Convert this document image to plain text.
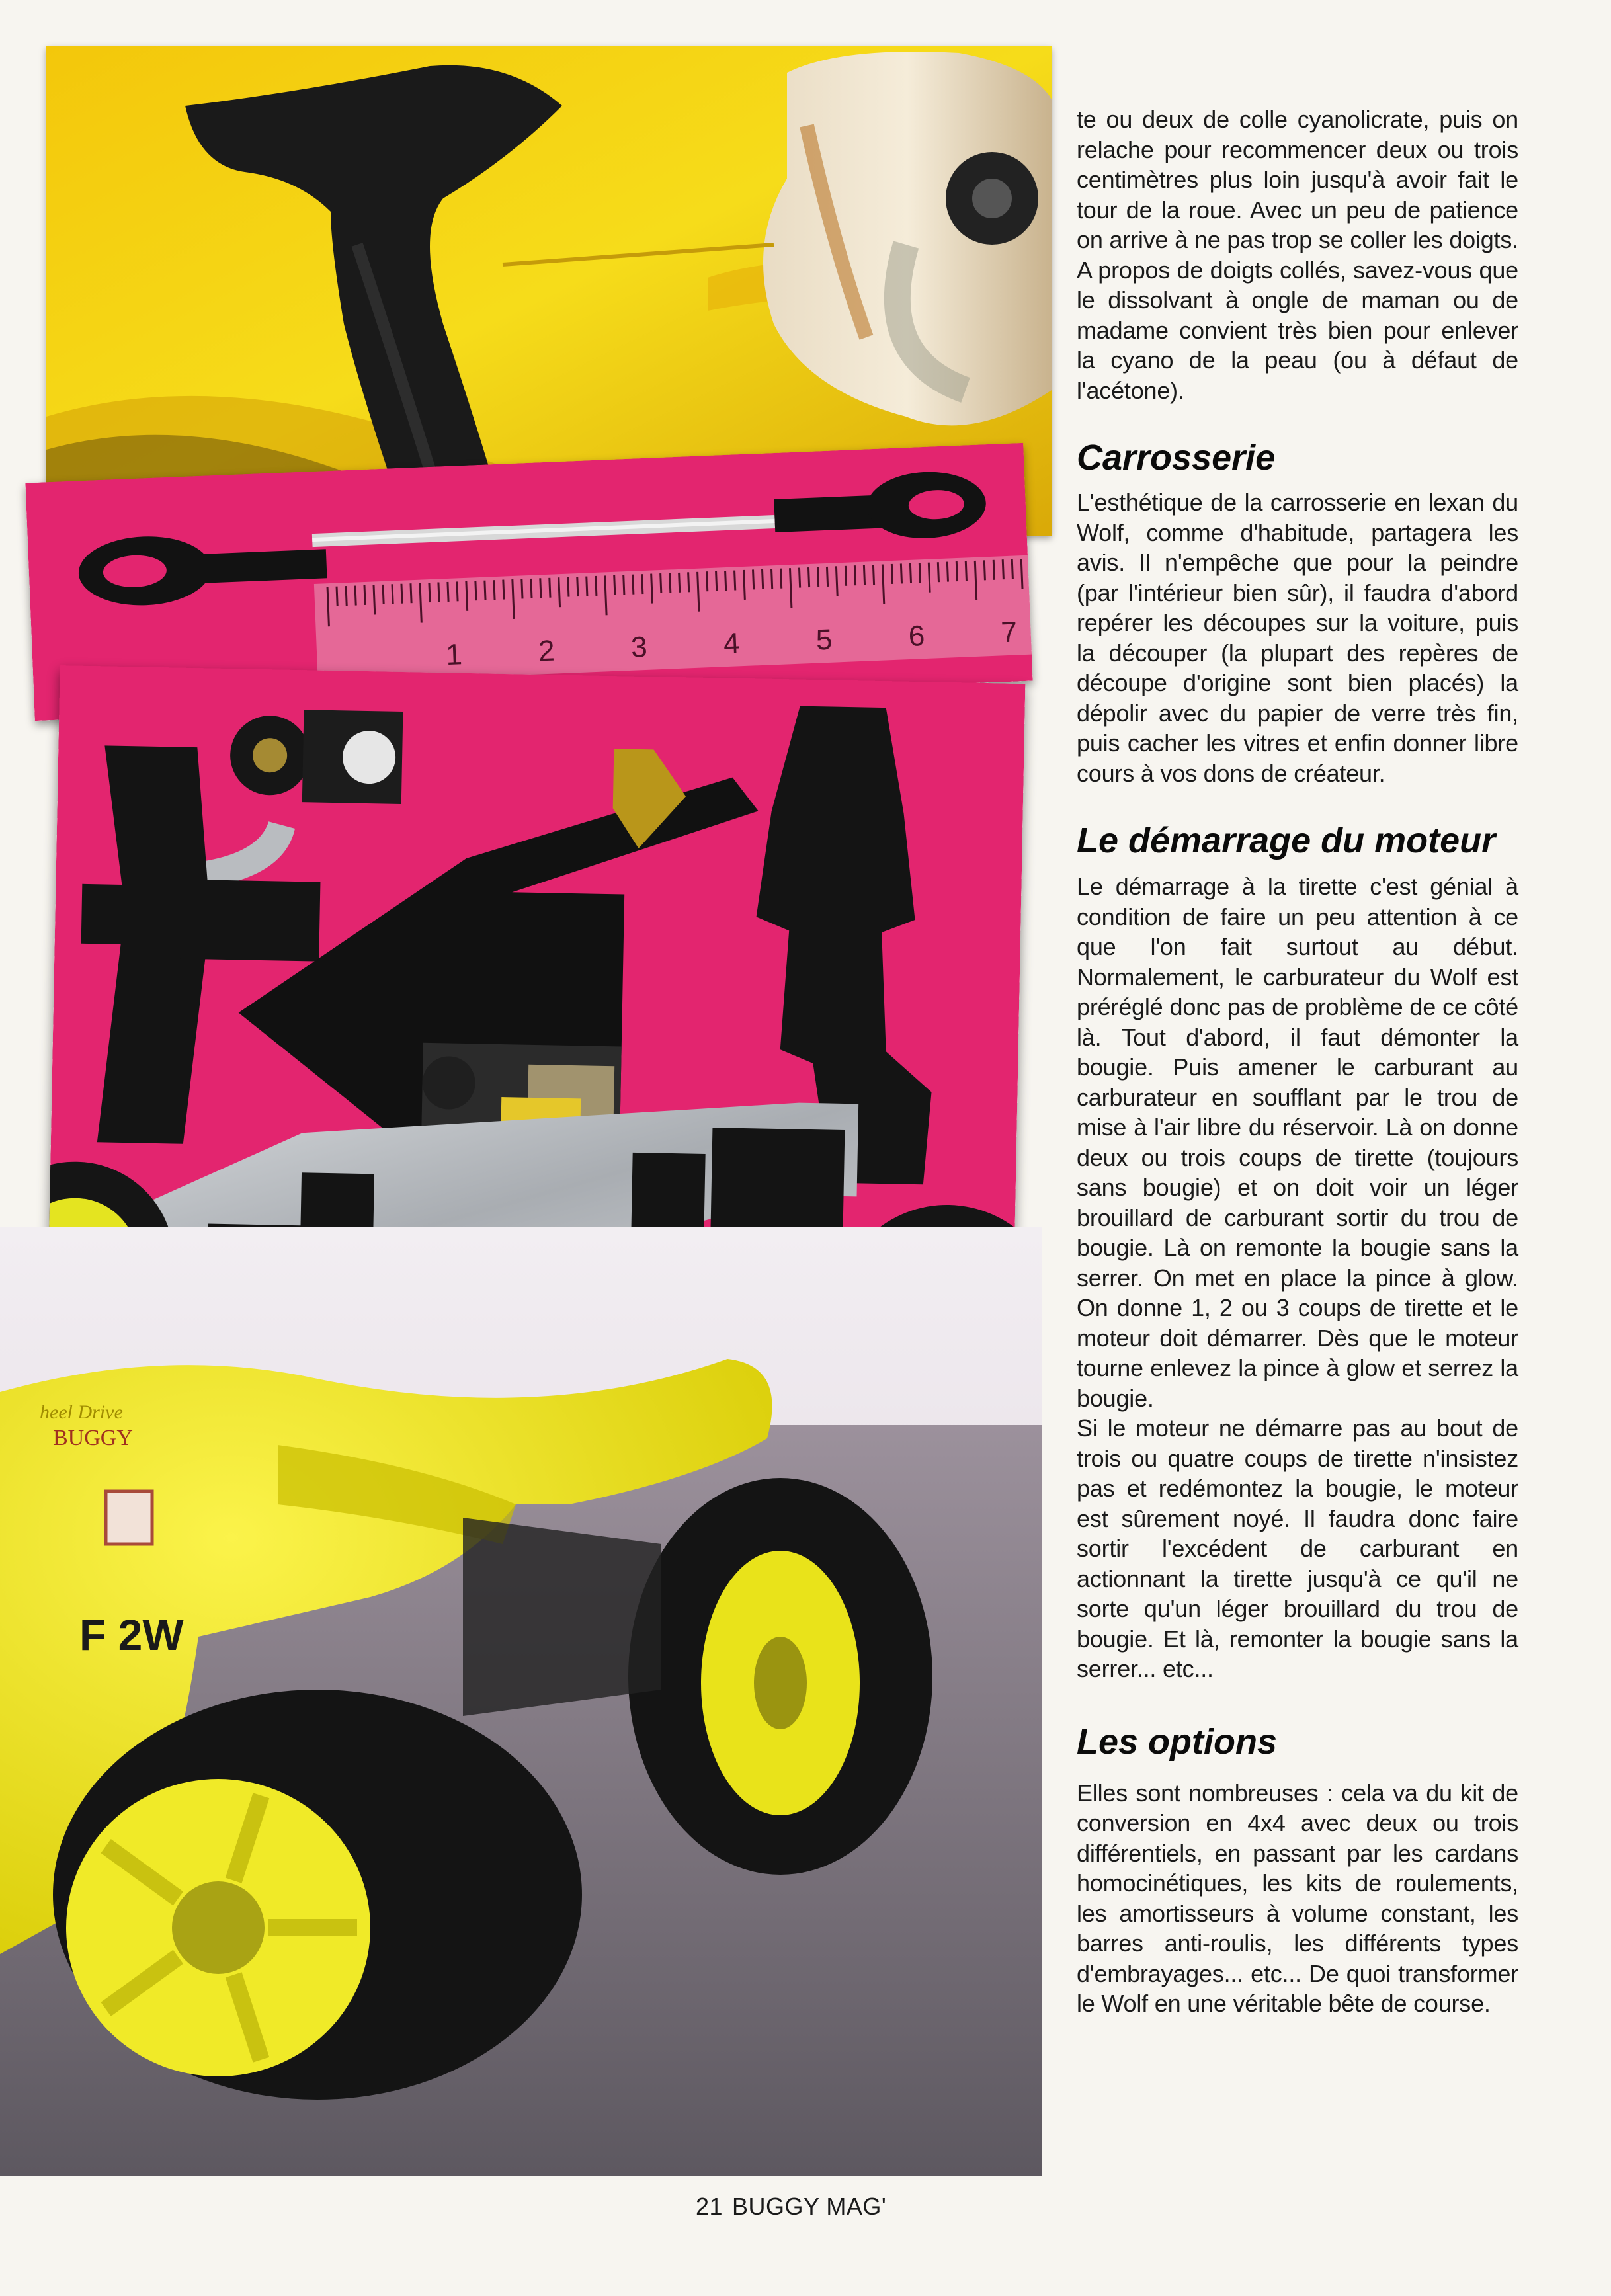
1	2	3	4	5	6	7
heel Drive
BUGGY
F 2W

te ou deux de colle cyanolicrate, puis on relache pour recommencer deux ou trois centimètres plus loin jusqu'à avoir fait le tour de la roue. Avec un peu de patience on arrive à ne pas trop se coller les doigts. A propos de doigts collés, savez-vous que le dissolvant à ongle de maman ou de madame convient très bien pour enlever la cyano de la peau (ou à défaut de l'acétone).

Carrosserie

L'esthétique de la carrosserie en lexan du Wolf, comme d'habitude, partagera les avis. Il n'empêche que pour la peindre (par l'intérieur bien sûr), il faudra d'abord repérer les découpes sur la voiture, puis la découper (la plupart des repères de découpe d'origine sont bien placés) la dépolir avec du papier de verre très fin, puis cacher les vitres et enfin donner libre cours à vos dons de créateur.

Le démarrage du moteur

Le démarrage à la tirette c'est génial à condition de faire un peu attention à ce que l'on fait surtout au début. Normalement, le carburateur du Wolf est préréglé donc pas de problème de ce côté là. Tout d'abord, il faut démonter la bougie. Puis amener le carburant au carburateur en soufflant par le trou de mise à l'air libre du réservoir. Là on donne deux ou trois coups de tirette (toujours sans bougie) et on doit voir un léger brouillard de carburant sortir du trou de bougie. Là on remonte la bougie sans la serrer. On met en place la pince à glow. On donne 1, 2 ou 3 coups de tirette et le moteur doit démarrer. Dès que le moteur tourne enlevez la pince à glow et serrez la bougie.

Si le moteur ne démarre pas au bout de trois ou quatre coups de tirette n'insistez pas et redémontez la bougie, le moteur est sûrement noyé. Il faudra donc faire sortir l'excédent de carburant en actionnant la tirette jusqu'à ce qu'il ne sorte qu'un léger brouillard du trou de bougie. Et là, remonter la bougie sans la serrer... etc...

Les options

Elles sont nombreuses : cela va du kit de conversion en 4x4 avec deux ou trois différentiels, en passant par les cardans homocinétiques, les kits de roulements, les amortisseurs à volume constant, les barres anti-roulis, les différents types d'embrayages... etc... De quoi transformer le Wolf en une véritable bête de course.

21 BUGGY MAG'
